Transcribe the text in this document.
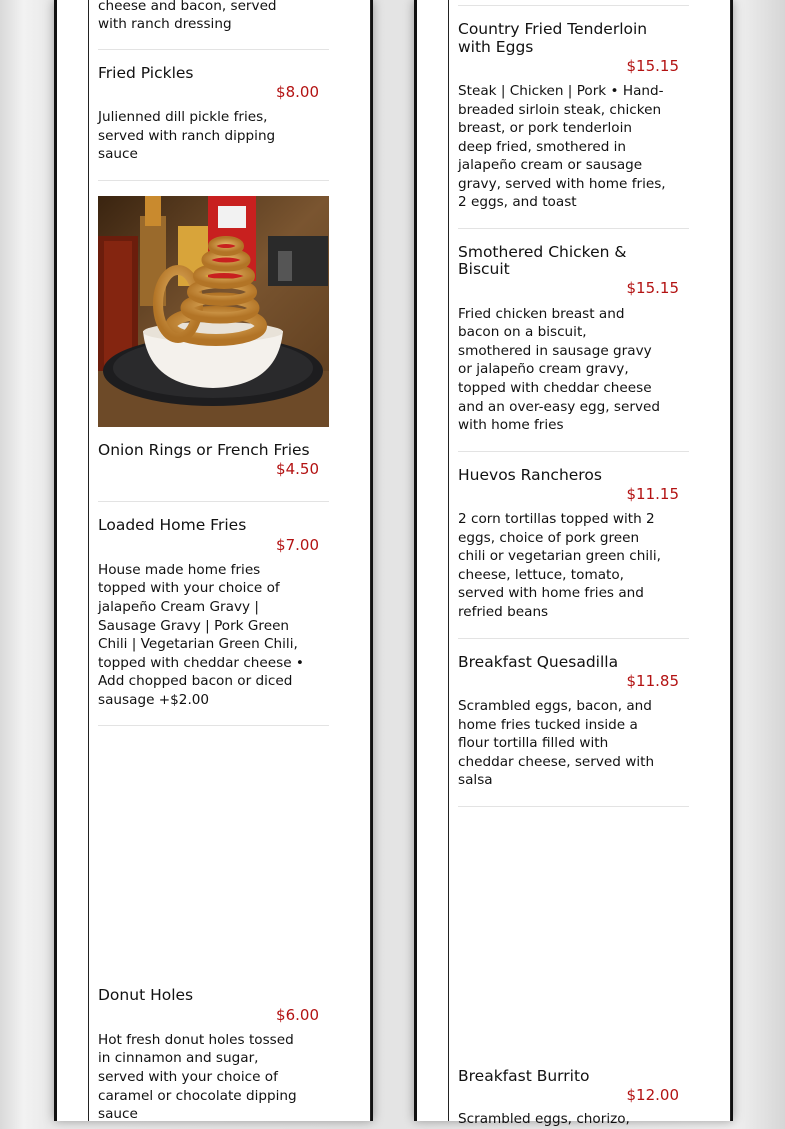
cheese and bacon, served
with ranch dressing
Fried Pickles
$8.00
Julienned dill pickle fries,
served with ranch dipping
sauce
Onion Rings or French Fries
$4.50
Loaded Home Fries
$7.00
House made home fries
topped with your choice of
jalapeño Cream Gravy |
Sausage Gravy | Pork Green
Chili | Vegetarian Green Chili,
topped with cheddar cheese •
Add chopped bacon or diced
sausage +$2.00
Donut Holes
$6.00
Hot fresh donut holes tossed
in cinnamon and sugar,
served with your choice of
caramel or chocolate dipping
sauce
Country Fried Tenderloin
with Eggs
$15.15
Steak | Chicken | Pork • Hand-
breaded sirloin steak, chicken
breast, or pork tenderloin
deep fried, smothered in
jalapeño cream or sausage
gravy, served with home fries,
2 eggs, and toast
Smothered Chicken &
Biscuit
$15.15
Fried chicken breast and
bacon on a biscuit,
smothered in sausage gravy
or jalapeño cream gravy,
topped with cheddar cheese
and an over-easy egg, served
with home fries
Huevos Rancheros
$11.15
2 corn tortillas topped with 2
eggs, choice of pork green
chili or vegetarian green chili,
cheese, lettuce, tomato,
served with home fries and
refried beans
Breakfast Quesadilla
$11.85
Scrambled eggs, bacon, and
home fries tucked inside a
flour tortilla filled with
cheddar cheese, served with
salsa
Breakfast Burrito
$12.00
Scrambled eggs, chorizo,
